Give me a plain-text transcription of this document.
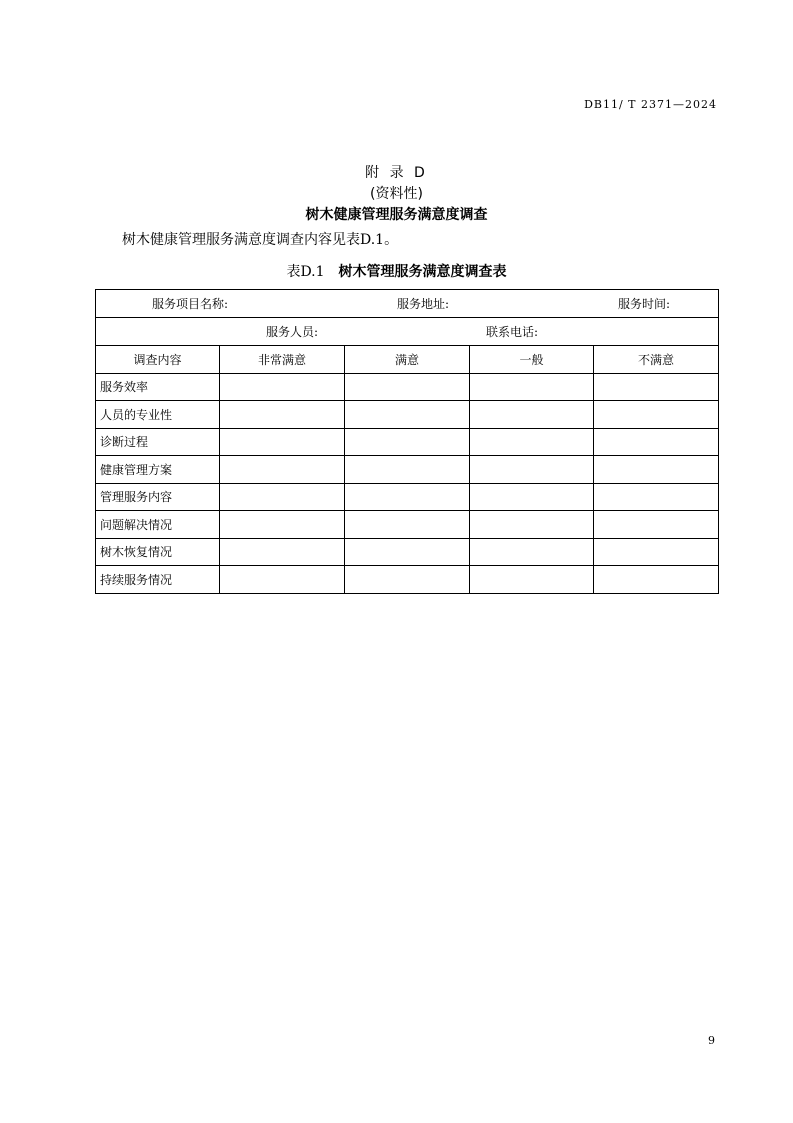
DB11/ T 2371—2024
附 录 D
(资料性)
树木健康管理服务满意度调查
树木健康管理服务满意度调查内容见表D.1。
表D.1 树木管理服务满意度调查表
服务项目名称: 服务地址: 服务时间:				

服务人员: 联系电话:				

调查内容	非常满意	满意	一般	不满意
服务效率				
人员的专业性				
诊断过程				
健康管理方案				
管理服务内容				
问题解决情况				
树木恢复情况				
持续服务情况				
9
